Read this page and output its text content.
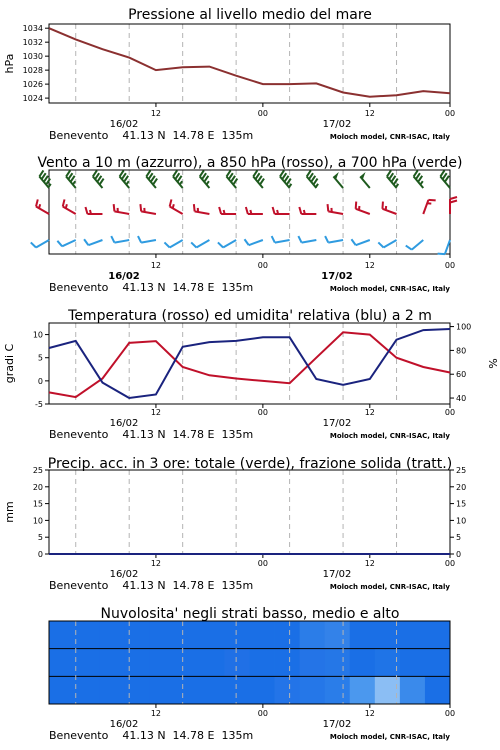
Pressione al livello medio del mare
12	00	12	00
16/02	17/02
Benevento    41.13 N  14.78 E  135m	Moloch model, CNR-ISAC, Italy
1024
1026
1028
1030
1032
1034
hPa
Vento a 10 m (azzurro), a 850 hPa (rosso), a 700 hPa (verde)
12	00	12	00
16/02	17/02
Benevento    41.13 N  14.78 E  135m	Moloch model, CNR-ISAC, Italy
Temperatura (rosso) ed umidita' relativa (blu) a 2 m
12	00	12	00
16/02	17/02
Benevento    41.13 N  14.78 E  135m	Moloch model, CNR-ISAC, Italy
-5
0
5
10
40
60
80
100
gradi C	%
Precip. acc. in 3 ore: totale (verde), frazione solida (tratt.)
12	00	12	00
16/02	17/02
Benevento    41.13 N  14.78 E  135m	Moloch model, CNR-ISAC, Italy
0
5
10
15
20
25
0
5
10
15
20
25
mm
Nuvolosita' negli strati basso, medio e alto
12	00	12	00
16/02	17/02
Benevento    41.13 N  14.78 E  135m	Moloch model, CNR-ISAC, Italy
